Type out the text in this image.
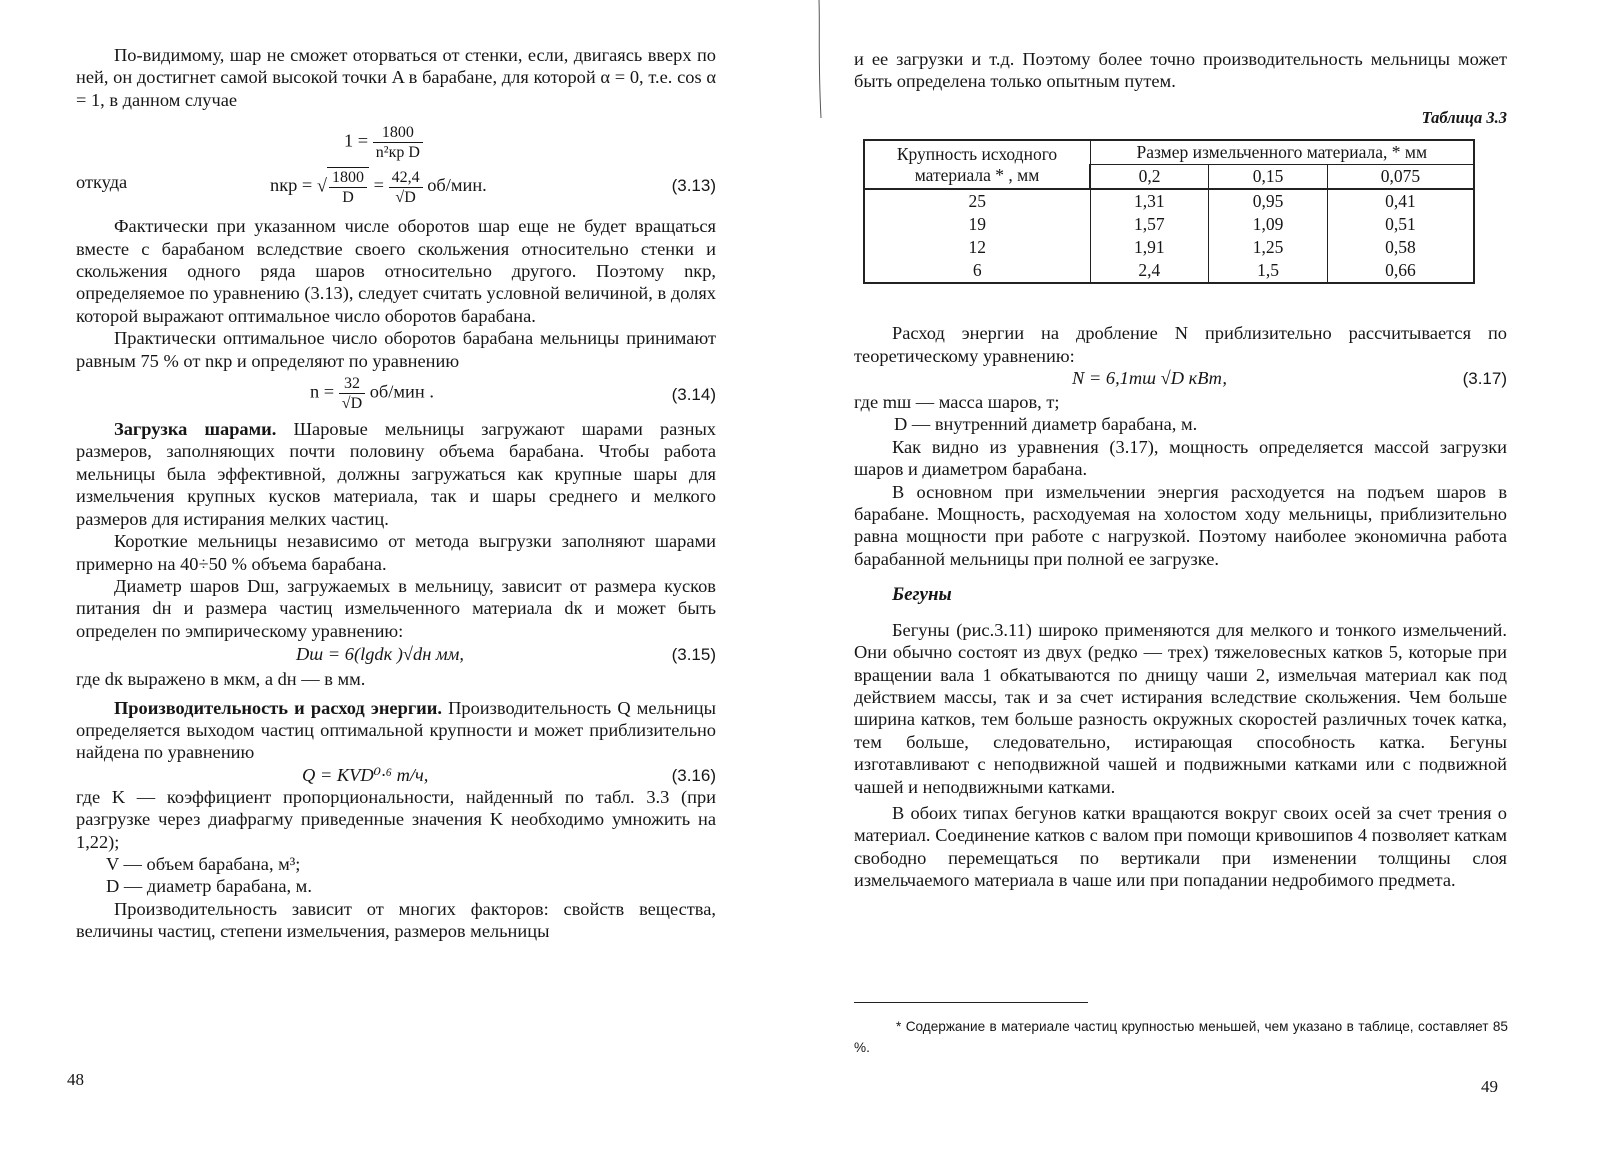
По-видимому, шар не сможет оторваться от стенки, если, двигаясь вверх по ней, он достигнет самой высокой точки A в барабане, для которой α = 0, т.е. cos α = 1, в данном случае

$1 = \frac{1800}{\text{n²кр D}}$
откуда	nкр = √ $\frac{1800}{D} = \frac{42,4}{√D} об/мин$.	(3.13)

Фактически при указанном числе оборотов шар еще не будет вращаться вместе с барабаном вследствие своего скольжения относительно стенки и скольжения одного ряда шаров относительно другого. Поэтому nкр, определяемое по уравнению (3.13), следует считать условной величиной, в долях которой выражают оптимальное число оборотов барабана.

Практически оптимальное число оборотов барабана мельницы принимают равным 75 % от nкр и определяют по уравнению

$n = \frac{32}{√D} об/мин$ .	(3.14)

Загрузка шарами. Шаровые мельницы загружают шарами разных размеров, заполняющих почти половину объема барабана. Чтобы работа мельницы была эффективной, должны загружаться как крупные шары для измельчения крупных кусков материала, так и шары среднего и мелкого размеров для истирания мелких частиц.

Короткие мельницы независимо от метода выгрузки заполняют шарами примерно на 40÷50 % объема барабана.

Диаметр шаров Dш, загружаемых в мельницу, зависит от размера кусков питания dн и размера частиц измельченного материала dк и может быть определен по эмпирическому уравнению:

Dш = 6(lgdк )√dн мм,	(3.15)

где dк выражено в мкм, а dн — в мм.

Производительность и расход энергии. Производительность Q мельницы определяется выходом частиц оптимальной крупности и может приблизительно найдена по уравнению

Q = KVD⁰·⁶ т/ч,	(3.16)

где K — коэффициент пропорциональности, найденный по табл. 3.3 (при разгрузке через диафрагму приведенные значения K необходимо умножить на 1,22);

V — объем барабана, м³;

D — диаметр барабана, м.

Производительность зависит от многих факторов: свойств вещества, величины частиц, степени измельчения, размеров мельницы

48

и ее загрузки и т.д. Поэтому более точно производительность мельницы может быть определена только опытным путем.

Таблица 3.3
Крупность исходного материала * , мм	Размер измельченного материала, * мм		
	0,2	0,15	0,075
25	1,31	0,95	0,41
19	1,57	1,09	0,51
12	1,91	1,25	0,58
6	2,4	1,5	0,66

Расход энергии на дробление N приблизительно рассчитывается по теоретическому уравнению:

N = 6,1mш √D кВт,	(3.17)

где mш — масса шаров, т;

D — внутренний диаметр барабана, м.

Как видно из уравнения (3.17), мощность определяется массой загрузки шаров и диаметром барабана.

В основном при измельчении энергия расходуется на подъем шаров в барабане. Мощность, расходуемая на холостом ходу мельницы, приблизительно равна мощности при работе с нагрузкой. Поэтому наиболее экономична работа барабанной мельницы при полной ее загрузке.

Бегуны

Бегуны (рис.3.11) широко применяются для мелкого и тонкого измельчений. Они обычно состоят из двух (редко — трех) тяжеловесных катков 5, которые при вращении вала 1 обкатываются по днищу чаши 2, измельчая материал как под действием массы, так и за счет истирания вследствие скольжения. Чем больше ширина катков, тем больше разность окружных скоростей различных точек катка, тем больше, следовательно, истирающая способность катка. Бегуны изготавливают с неподвижной чашей и подвижными катками или с подвижной чашей и неподвижными катками.

В обоих типах бегунов катки вращаются вокруг своих осей за счет трения о материал. Соединение катков с валом при помощи кривошипов 4 позволяет каткам свободно перемещаться по вертикали при изменении толщины слоя измельчаемого материала в чаше или при попадании недробимого предмета.

* Содержание в материале частиц крупностью меньшей, чем указано в таблице, составляет 85 %.

49
